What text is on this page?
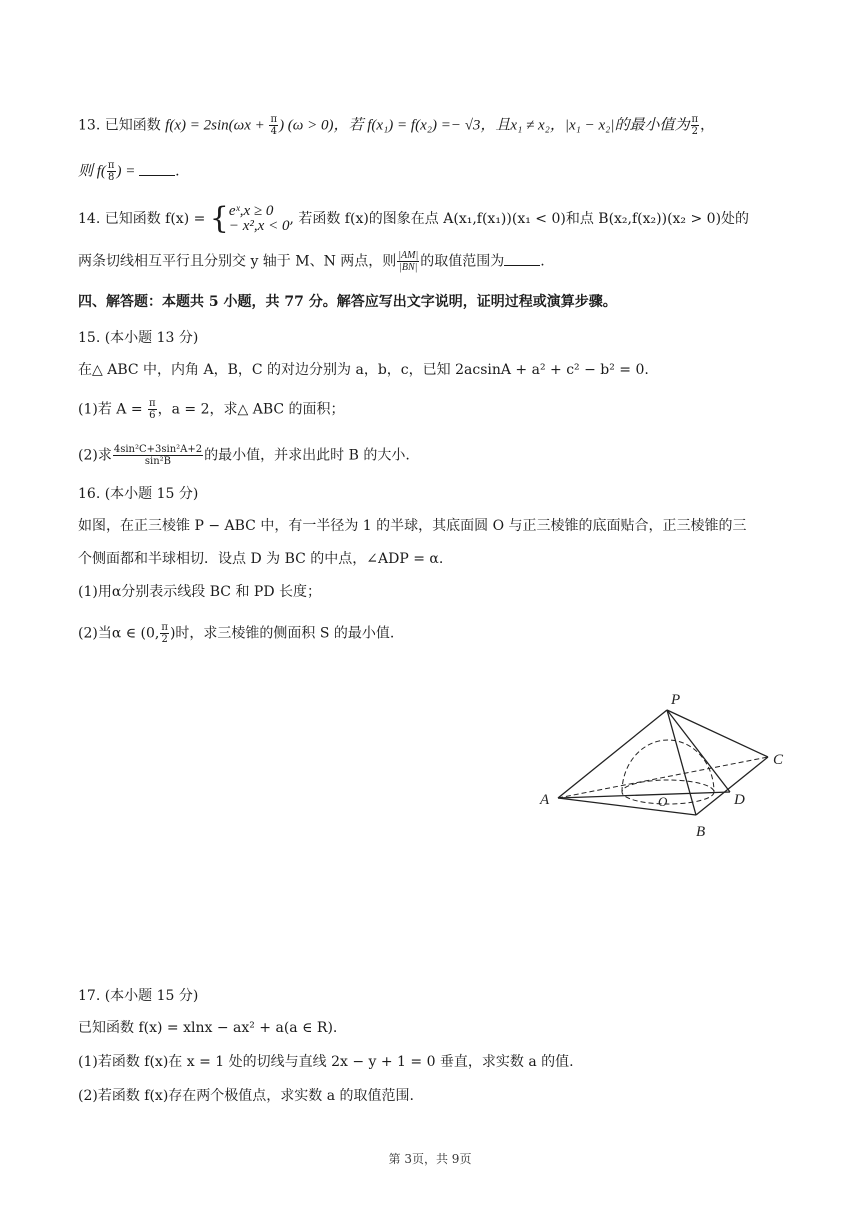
13. 已知函数 $f(x) = 2\sin(\omega x + \frac{\pi}{4}$ ) (ω > 0)，若 f(x₁) = f(x₂) =− √3，且x₁ ≠ x₂，|x₁ − x₂|的最小值为 $\frac{\pi}{2}$ ，
则 $f( \frac{\pi}{8}$ ) =	.
14. 已知函数 f(x) = { eˣ,x ≥ 0
− x²,x < 0 , 若函数 f(x)的图象在点 A(x₁,f(x₁))(x₁ < 0)和点 B(x₂,f(x₂))(x₂ > 0)处的
两条切线相互平行且分别交 y 轴于 M、N 两点，则 $\frac{|AM|}{|BN|}$ 的取值范围为	.
四、解答题：本题共 5 小题，共 77 分。解答应写出文字说明，证明过程或演算步骤。
15. (本小题 13 分)
在△ ABC 中，内角 A，B，C 的对边分别为 a，b，c，已知 2acsinA + a² + c² − b² = 0.
(1)若 $A = \frac{\pi}{6}$ ，a = 2，求△ ABC 的面积；
(2)求 $\frac{\text{4sin²C+3sin²A+2}}{\text{sin²B}}$ 的最小值，并求出此时 B 的大小.
16. (本小题 15 分)
如图，在正三棱锥 P − ABC 中，有一半径为 1 的半球，其底面圆 O 与正三棱锥的底面贴合，正三棱锥的三
个侧面都和半球相切．设点 D 为 BC 的中点，∠ADP = α.
(1)用α分别表示线段 BC 和 PD 长度；
(2)当α ∈ (0, $\frac{\pi}{2}$ )时，求三棱锥的侧面积 S 的最小值.
P
A
B
C
D
O
17. (本小题 15 分)
已知函数 f(x) = xlnx − ax² + a(a ∈ R).
(1)若函数 f(x)在 x = 1 处的切线与直线 2x − y + 1 = 0 垂直，求实数 a 的值.
(2)若函数 f(x)存在两个极值点，求实数 a 的取值范围.
第 3页，共 9页
